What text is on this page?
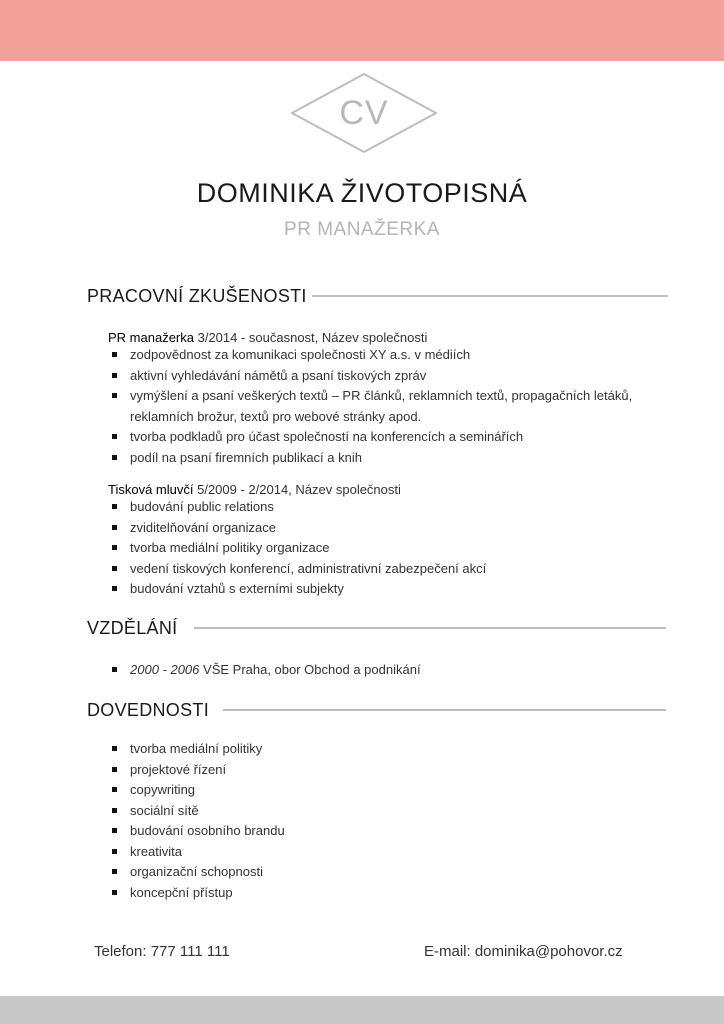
CV
DOMINIKA ŽIVOTOPISNÁ
PR MANAŽERKA
PRACOVNÍ ZKUŠENOSTI
PR manažerka 3/2014 - současnost, Název společnosti
zodpovědnost za komunikaci společnosti XY a.s. v médiích
aktivní vyhledávání námětů a psaní tiskových zpráv
vymýšlení a psaní veškerých textů – PR článků, reklamních textů, propagačních letáků, reklamních brožur, textů pro webové stránky apod.
tvorba podkladů pro účast společností na konferencích a seminářích
podíl na psaní firemních publikací a knih
Tisková mluvčí 5/2009 - 2/2014, Název společnosti
budování public relations
zviditelňování organizace
tvorba mediální politiky organizace
vedení tiskových konferencí, administrativní zabezpečení akcí
budování vztahů s externími subjekty
VZDĚLÁNÍ
2000 - 2006 VŠE Praha, obor Obchod a podnikání
DOVEDNOSTI
tvorba mediální politiky
projektové řízení
copywriting
sociální sítě
budování osobního brandu
kreativita
organizační schopnosti
koncepční přístup
Telefon: 777 111 111	E-mail: dominika@pohovor.cz
